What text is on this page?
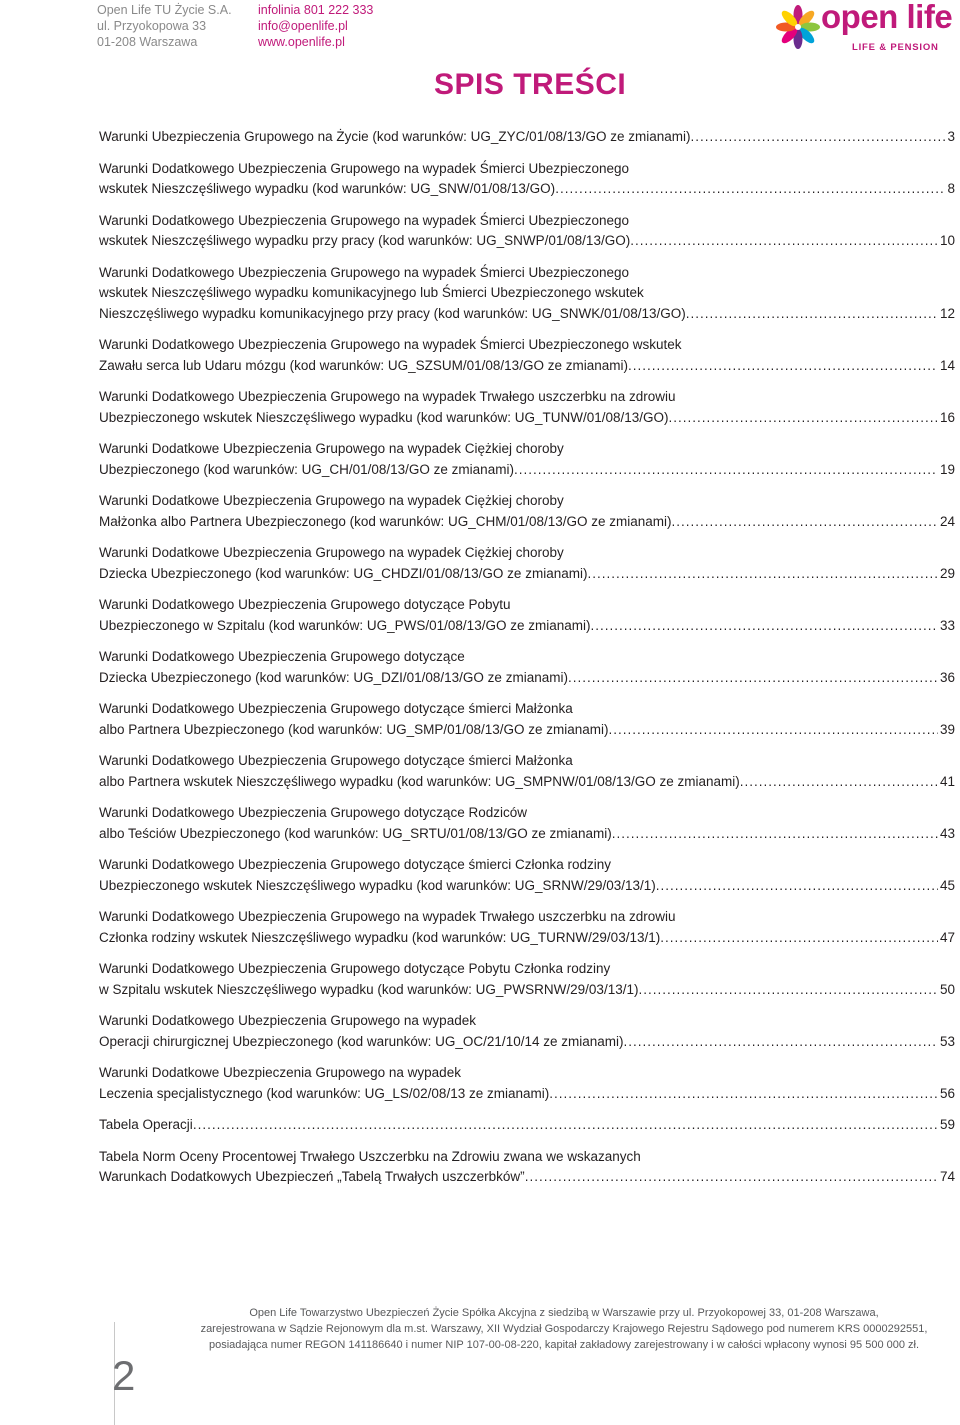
Open Life TU Życie S.A.
ul. Przyokopowa 33
01-208 Warszawa
infolinia 801 222 333
info@openlife.pl
www.openlife.pl
open life
LIFE & PENSION
SPIS TREŚCI
Warunki Ubezpieczenia Grupowego na Życie (kod warunków: UG_ZYC/01/08/13/GO ze zmianami) .....	3
Warunki Dodatkowego Ubezpieczenia Grupowego na wypadek Śmierci Ubezpieczonego
wskutek Nieszczęśliwego wypadku (kod warunków: UG_SNW/01/08/13/GO) .....	8
Warunki Dodatkowego Ubezpieczenia Grupowego na wypadek Śmierci Ubezpieczonego
wskutek Nieszczęśliwego wypadku przy pracy (kod warunków: UG_SNWP/01/08/13/GO) .....	10
Warunki Dodatkowego Ubezpieczenia Grupowego na wypadek Śmierci Ubezpieczonego
wskutek Nieszczęśliwego wypadku komunikacyjnego lub Śmierci Ubezpieczonego wskutek
Nieszczęśliwego wypadku komunikacyjnego przy pracy (kod warunków: UG_SNWK/01/08/13/GO) .....	12
Warunki Dodatkowego Ubezpieczenia Grupowego na wypadek Śmierci Ubezpieczonego wskutek
Zawału serca lub Udaru mózgu (kod warunków: UG_SZSUM/01/08/13/GO ze zmianami) .....	14
Warunki Dodatkowego Ubezpieczenia Grupowego na wypadek Trwałego uszczerbku na zdrowiu
Ubezpieczonego wskutek Nieszczęśliwego wypadku (kod warunków: UG_TUNW/01/08/13/GO) .....	16
Warunki Dodatkowe Ubezpieczenia Grupowego na wypadek Ciężkiej choroby
Ubezpieczonego (kod warunków: UG_CH/01/08/13/GO ze zmianami) .....	19
Warunki Dodatkowe Ubezpieczenia Grupowego na wypadek Ciężkiej choroby
Małżonka albo Partnera Ubezpieczonego (kod warunków: UG_CHM/01/08/13/GO ze zmianami) .....	24
Warunki Dodatkowe Ubezpieczenia Grupowego na wypadek Ciężkiej choroby
Dziecka Ubezpieczonego (kod warunków: UG_CHDZI/01/08/13/GO ze zmianami) .....	29
Warunki Dodatkowego Ubezpieczenia Grupowego dotyczące Pobytu
Ubezpieczonego w Szpitalu (kod warunków: UG_PWS/01/08/13/GO ze zmianami) .....	33
Warunki Dodatkowego Ubezpieczenia Grupowego dotyczące
Dziecka Ubezpieczonego (kod warunków: UG_DZI/01/08/13/GO ze zmianami) .....	36
Warunki Dodatkowego Ubezpieczenia Grupowego dotyczące śmierci Małżonka
albo Partnera Ubezpieczonego (kod warunków: UG_SMP/01/08/13/GO ze zmianami) .....	39
Warunki Dodatkowego Ubezpieczenia Grupowego dotyczące śmierci Małżonka
albo Partnera wskutek Nieszczęśliwego wypadku (kod warunków: UG_SMPNW/01/08/13/GO ze zmianami) .....	41
Warunki Dodatkowego Ubezpieczenia Grupowego dotyczące Rodziców
albo Teściów Ubezpieczonego (kod warunków: UG_SRTU/01/08/13/GO ze zmianami) .....	43
Warunki Dodatkowego Ubezpieczenia Grupowego dotyczące śmierci Członka rodziny
Ubezpieczonego wskutek Nieszczęśliwego wypadku (kod warunków: UG_SRNW/29/03/13/1) .....	45
Warunki Dodatkowego Ubezpieczenia Grupowego na wypadek Trwałego uszczerbku na zdrowiu
Członka rodziny wskutek Nieszczęśliwego wypadku (kod warunków: UG_TURNW/29/03/13/1) .....	47
Warunki Dodatkowego Ubezpieczenia Grupowego dotyczące Pobytu Członka rodziny
w Szpitalu wskutek Nieszczęśliwego wypadku (kod warunków: UG_PWSRNW/29/03/13/1) .....	50
Warunki Dodatkowego Ubezpieczenia Grupowego na wypadek
Operacji chirurgicznej Ubezpieczonego (kod warunków: UG_OC/21/10/14 ze zmianami) .....	53
Warunki Dodatkowe Ubezpieczenia Grupowego na wypadek
Leczenia specjalistycznego (kod warunków: UG_LS/02/08/13 ze zmianami) .....	56
Tabela Operacji .....	59
Tabela Norm Oceny Procentowej Trwałego Uszczerbku na Zdrowiu zwana we wskazanych
Warunkach Dodatkowych Ubezpieczeń „Tabelą Trwałych uszczerbków” .....	74
2
Open Life Towarzystwo Ubezpieczeń Życie Spółka Akcyjna z siedzibą w Warszawie przy ul. Przyokopowej 33, 01-208 Warszawa,
zarejestrowana w Sądzie Rejonowym dla m.st. Warszawy, XII Wydział Gospodarczy Krajowego Rejestru Sądowego pod numerem KRS 0000292551,
posiadająca numer REGON 141186640 i numer NIP 107-00-08-220, kapitał zakładowy zarejestrowany i w całości wpłacony wynosi 95 500 000 zł.
